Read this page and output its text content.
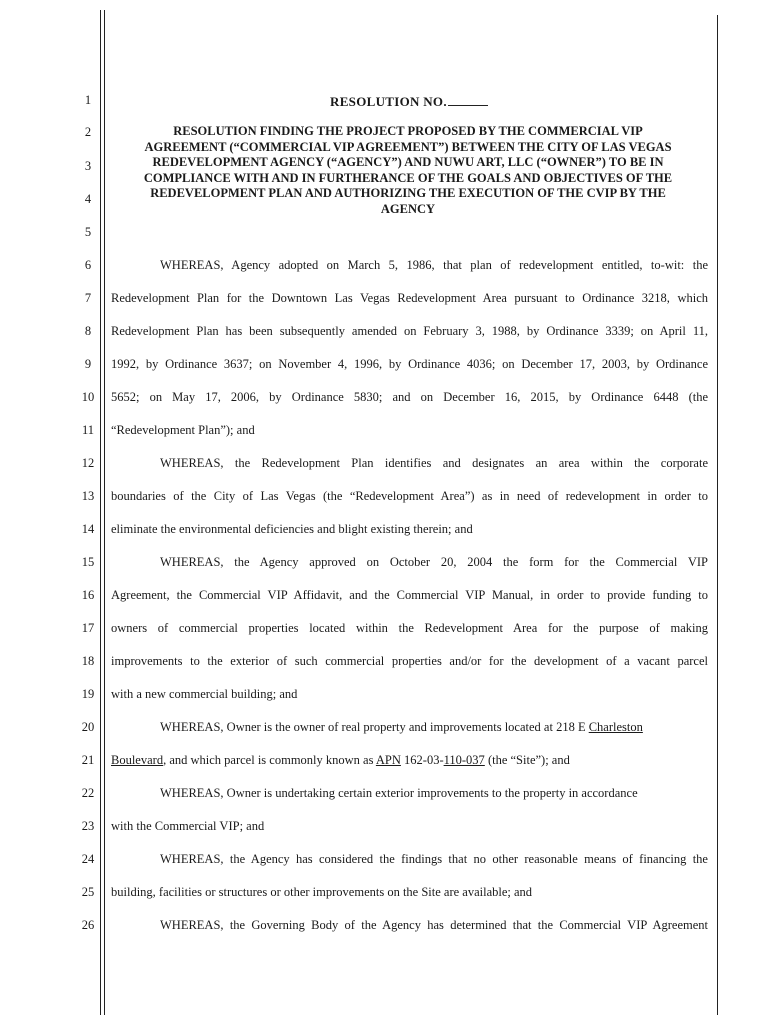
1
2
3
4
5
6
7
8
9
10
11
12
13
14
15
16
17
18
19
20
21
22
23
24
25
26
RESOLUTION NO.
RESOLUTION FINDING THE PROJECT PROPOSED BY THE COMMERCIAL VIP
AGREEMENT (“COMMERCIAL VIP AGREEMENT”) BETWEEN THE CITY OF LAS VEGAS
REDEVELOPMENT AGENCY (“AGENCY”) AND NUWU ART, LLC (“OWNER”) TO BE IN
COMPLIANCE WITH AND IN FURTHERANCE OF THE GOALS AND OBJECTIVES OF THE
REDEVELOPMENT PLAN AND AUTHORIZING THE EXECUTION OF THE CVIP BY THE
AGENCY
WHEREAS, Agency adopted on March 5, 1986, that plan of redevelopment entitled, to-wit: the
Redevelopment Plan for the Downtown Las Vegas Redevelopment Area pursuant to Ordinance 3218, which
Redevelopment Plan has been subsequently amended on February 3, 1988, by Ordinance 3339; on April 11,
1992, by Ordinance 3637; on November 4, 1996, by Ordinance 4036; on December 17, 2003, by Ordinance
5652; on May 17, 2006, by Ordinance 5830; and on December 16, 2015, by Ordinance 6448 (the
“Redevelopment Plan”); and
WHEREAS, the Redevelopment Plan identifies and designates an area within the corporate
boundaries of the City of Las Vegas (the “Redevelopment Area”) as in need of redevelopment in order to
eliminate the environmental deficiencies and blight existing therein; and
WHEREAS, the Agency approved on October 20, 2004 the form for the Commercial VIP
Agreement, the Commercial VIP Affidavit, and the Commercial VIP Manual, in order to provide funding to
owners of commercial properties located within the Redevelopment Area for the purpose of making
improvements to the exterior of such commercial properties and/or for the development of a vacant parcel
with a new commercial building; and
WHEREAS, Owner is the owner of real property and improvements located at 218 E Charleston
Boulevard, and which parcel is commonly known as APN 162-03-110-037 (the “Site”); and
WHEREAS, Owner is undertaking certain exterior improvements to the property in accordance
with the Commercial VIP; and
WHEREAS, the Agency has considered the findings that no other reasonable means of financing the
building, facilities or structures or other improvements on the Site are available; and
WHEREAS, the Governing Body of the Agency has determined that the Commercial VIP Agreement
